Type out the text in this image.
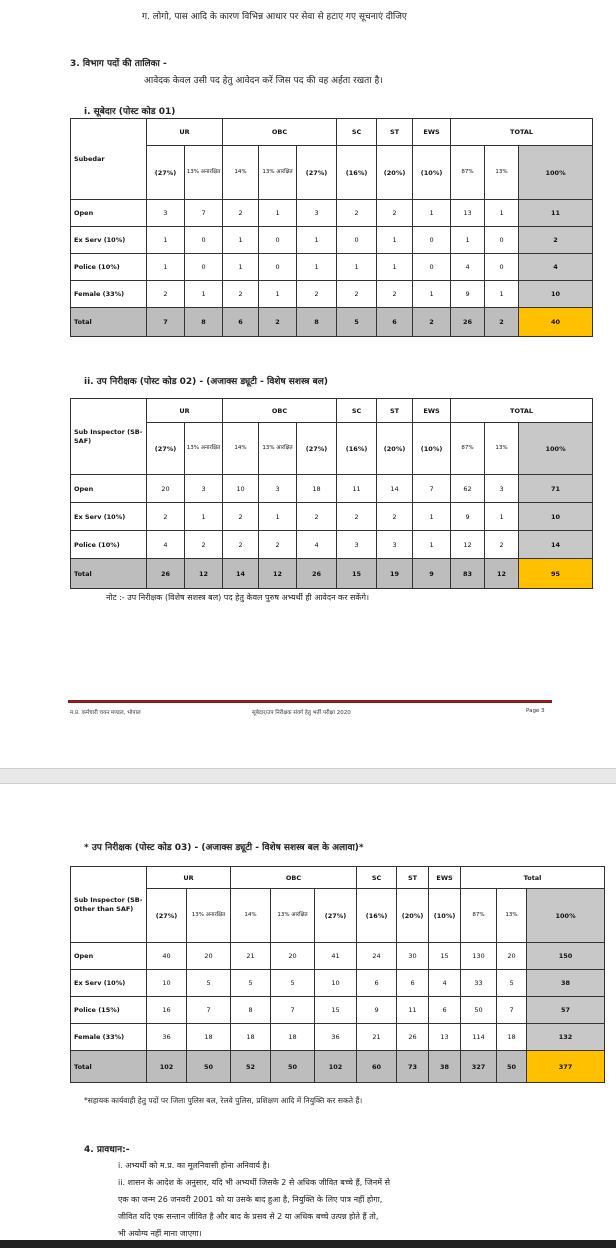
ग. लोगो, पास आदि के कारण विभिन्न आधार पर सेवा से हटाए गए सूचनाएं दीजिए
3. विभाग पदों की तालिका -
आवेदक केवल उसी पद हेतु आवेदन करें जिस पद की वह अर्हता रखता है।
i. सूबेदार (पोस्ट कोड 01)
Subedar	UR		OBC			SC	ST	EWS	TOTAL		
	(27%)	13% अनारक्षित	14%	13% आरक्षित	(27%)	(16%)	(20%)	(10%)	87%	13%	100%
Open	3	7	2	1	3	2	2	1	13	1	11
Ex Serv (10%)	1	0	1	0	1	0	1	0	1	0	2
Police (10%)	1	0	1	0	1	1	1	0	4	0	4
Female (33%)	2	1	2	1	2	2	2	1	9	1	10
Total	7	8	6	2	8	5	6	2	26	2	40
ii. उप निरीक्षक (पोस्ट कोड 02) - (अजाक्स ड्यूटी - विशेष सशस्त्र बल)
Sub Inspector (SB-SAF)	UR		OBC			SC	ST	EWS	TOTAL		
	(27%)	13% अनारक्षित	14%	13% आरक्षित	(27%)	(16%)	(20%)	(10%)	87%	13%	100%
Open	20	3	10	3	18	11	14	7	62	3	71
Ex Serv (10%)	2	1	2	1	2	2	2	1	9	1	10
Police (10%)	4	2	2	2	4	3	3	1	12	2	14
Total	26	12	14	12	26	15	19	9	83	12	95
नोट :- उप निरीक्षक (विशेष सशस्त्र बल) पद हेतु केवल पुरुष अभ्यर्थी ही आवेदन कर सकेंगे।
म.प्र. कर्मचारी चयन मण्डल, भोपाल	सूबेदार/उप निरीक्षक संवर्ग हेतु भर्ती परीक्षा 2020	Page 3
* उप निरीक्षक (पोस्ट कोड 03) - (अजाक्स ड्यूटी - विशेष सशस्त्र बल के अलावा)*
Sub Inspector (SB-Other than SAF)	UR		OBC			SC	ST	EWS	Total		
	(27%)	13% अनारक्षित	14%	13% आरक्षित	(27%)	(16%)	(20%)	(10%)	87%	13%	100%
Open	40	20	21	20	41	24	30	15	130	20	150
Ex Serv (10%)	10	5	5	5	10	6	6	4	33	5	38
Police (15%)	16	7	8	7	15	9	11	6	50	7	57
Female (33%)	36	18	18	18	36	21	26	13	114	18	132
Total	102	50	52	50	102	60	73	38	327	50	377
*सहायक कार्यवाही हेतु पदों पर जिला पुलिस बल, रेलवे पुलिस, प्रशिक्षण आदि में नियुक्ति कर सकते हैं।
4. प्रावधान:-
i. अभ्यर्थी को म.प्र. का मूलनिवासी होना अनिवार्य है।
ii. शासन के आदेश के अनुसार, यदि भी अभ्यर्थी जिसके 2 से अधिक जीवित बच्चे हैं, जिनमें से
एक का जन्म 26 जनवरी 2001 को या उसके बाद हुआ है, नियुक्ति के लिए पात्र नहीं होगा,
जीवित यदि एक सन्तान जीवित है और बाद के प्रसव से 2 या अधिक बच्चे उत्पन्न होते हैं तो,
भी अयोग्य नहीं माना जाएगा।
